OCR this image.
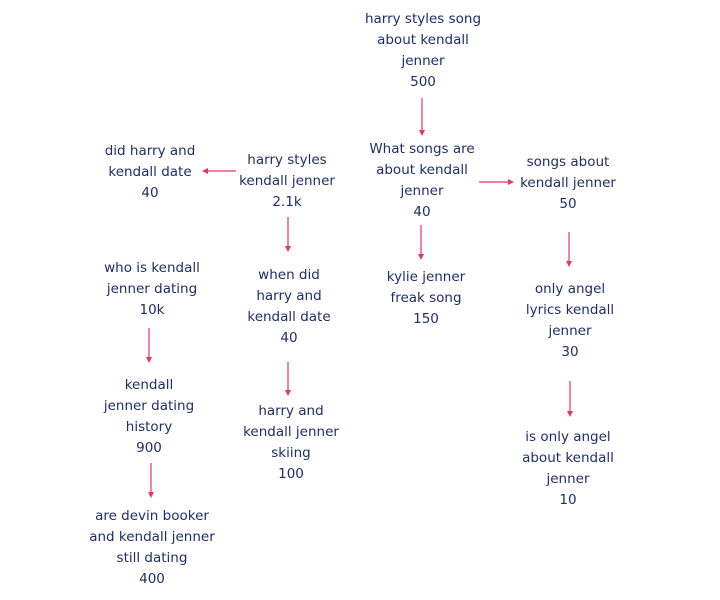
harry styles song
about kendall
jenner
500
What songs are
about kendall
jenner
40
harry styles
kendall jenner
2.1k
did harry and
kendall date
40
songs about
kendall jenner
50
kylie jenner
freak song
150
when did
harry and
kendall date
40
who is kendall
jenner dating
10k
only angel
lyrics kendall
jenner
30
kendall
jenner dating
history
900
harry and
kendall jenner
skiing
100
is only angel
about kendall
jenner
10
are devin booker
and kendall jenner
still dating
400
